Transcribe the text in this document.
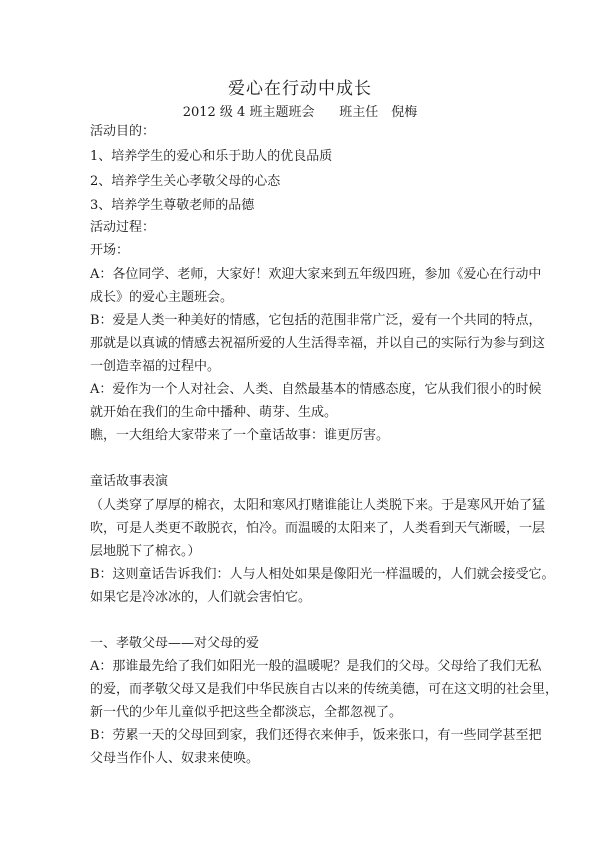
爱心在行动中成长
2012 级 4 班主题班会 班主任　倪梅
活动目的：
1、培养学生的爱心和乐于助人的优良品质
2、培养学生关心孝敬父母的心态
3、培养学生尊敬老师的品德
活动过程：
开场：
A：各位同学、老师，大家好！欢迎大家来到五年级四班，参加《爱心在行动中
成长》的爱心主题班会。
B：爱是人类一种美好的情感，它包括的范围非常广泛，爱有一个共同的特点，
那就是以真诚的情感去祝福所爱的人生活得幸福，并以自己的实际行为参与到这
一创造幸福的过程中。
A：爱作为一个人对社会、人类、自然最基本的情感态度，它从我们很小的时候
就开始在我们的生命中播种、萌芽、生成。
瞧，一大组给大家带来了一个童话故事：谁更厉害。
童话故事表演
（人类穿了厚厚的棉衣，太阳和寒风打赌谁能让人类脱下来。于是寒风开始了猛
吹，可是人类更不敢脱衣，怕冷。而温暖的太阳来了，人类看到天气渐暖，一层
层地脱下了棉衣。）
B：这则童话告诉我们：人与人相处如果是像阳光一样温暖的，人们就会接受它。
如果它是冷冰冰的，人们就会害怕它。
一、孝敬父母——对父母的爱
A：那谁最先给了我们如阳光一般的温暖呢？是我们的父母。父母给了我们无私
的爱，而孝敬父母又是我们中华民族自古以来的传统美德，可在这文明的社会里，
新一代的少年儿童似乎把这些全都淡忘，全都忽视了。
B：劳累一天的父母回到家，我们还得衣来伸手，饭来张口，有一些同学甚至把
父母当作仆人、奴隶来使唤。
